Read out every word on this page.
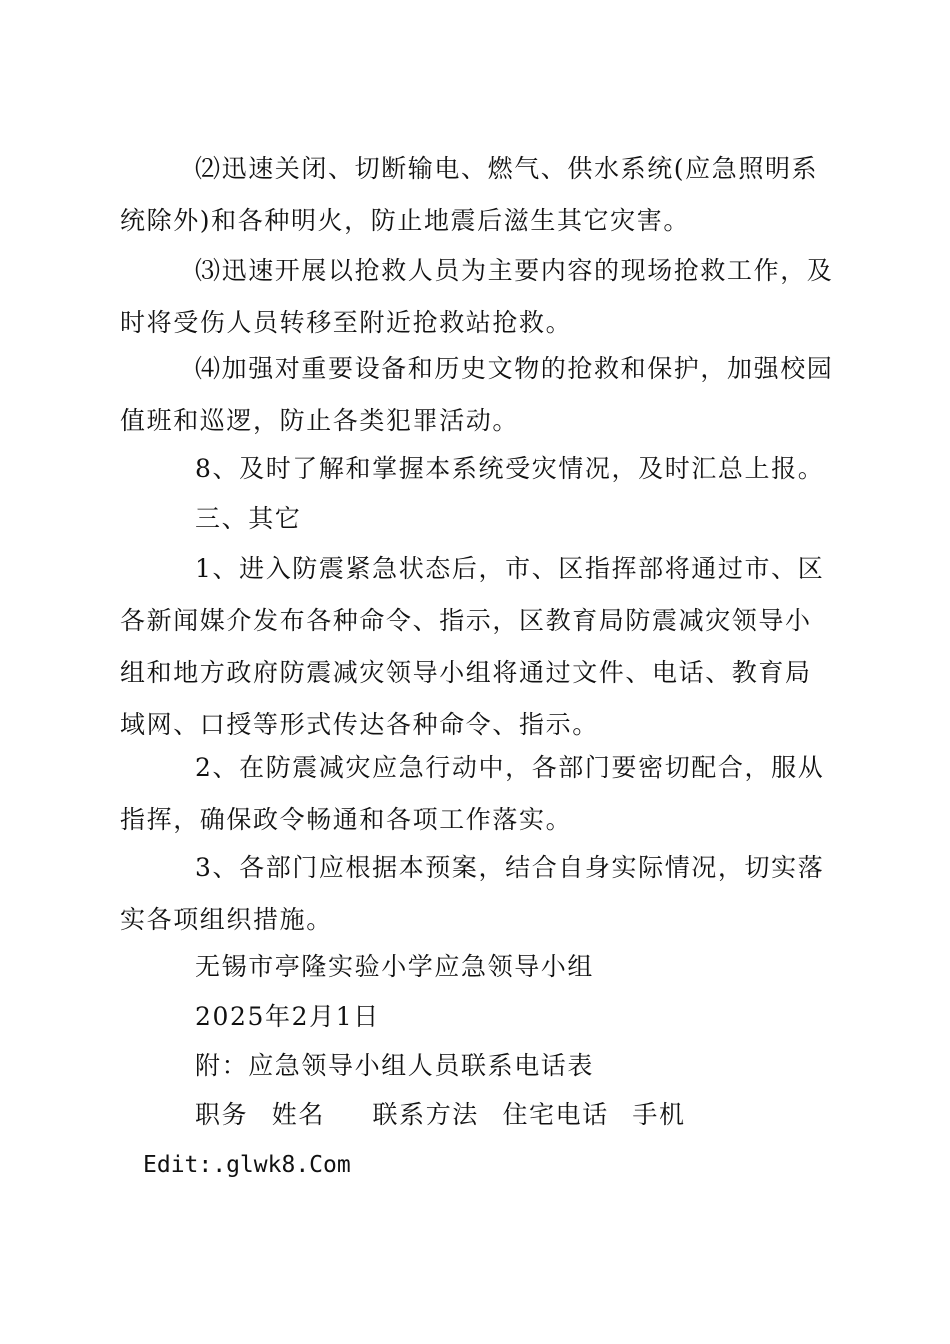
⑵迅速关闭、切断输电、燃气、供水系统(应急照明系统除外)和各种明火，防止地震后滋生其它灾害。

⑶迅速开展以抢救人员为主要内容的现场抢救工作，及时将受伤人员转移至附近抢救站抢救。

⑷加强对重要设备和历史文物的抢救和保护，加强校园值班和巡逻，防止各类犯罪活动。

8、及时了解和掌握本系统受灾情况，及时汇总上报。

三、其它

1、进入防震紧急状态后，市、区指挥部将通过市、区各新闻媒介发布各种命令、指示，区教育局防震减灾领导小组和地方政府防震减灾领导小组将通过文件、电话、教育局域网、口授等形式传达各种命令、指示。

2、在防震减灾应急行动中，各部门要密切配合，服从指挥，确保政令畅通和各项工作落实。

3、各部门应根据本预案，结合自身实际情况，切实落实各项组织措施。

无锡市亭隆实验小学应急领导小组

2025年2月1日

附：应急领导小组人员联系电话表

职务 姓名 联系方法 住宅电话 手机

Edit:.glwk8.Com
